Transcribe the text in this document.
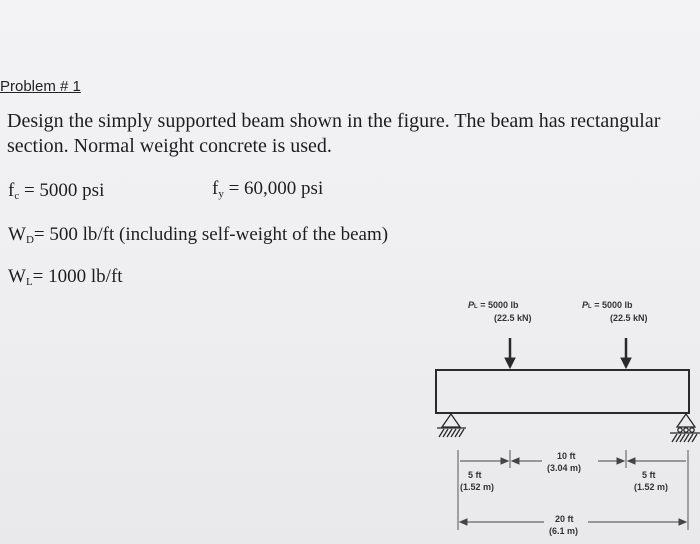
Problem # 1
Design the simply supported beam shown in the figure. The beam has rectangular
section. Normal weight concrete is used.
$f_c = 5000$ psi	$f_y = 60,000$ psi
$W_D= 500$ lb/ft (including self-weight of the beam)
$W_L= 1000$ lb/ft
PL = 5000 lb
(22.5 kN)
PL = 5000 lb
(22.5 kN)
5 ft
(1.52 m)
10 ft
(3.04 m)
5 ft
(1.52 m)
20 ft
(6.1 m)
